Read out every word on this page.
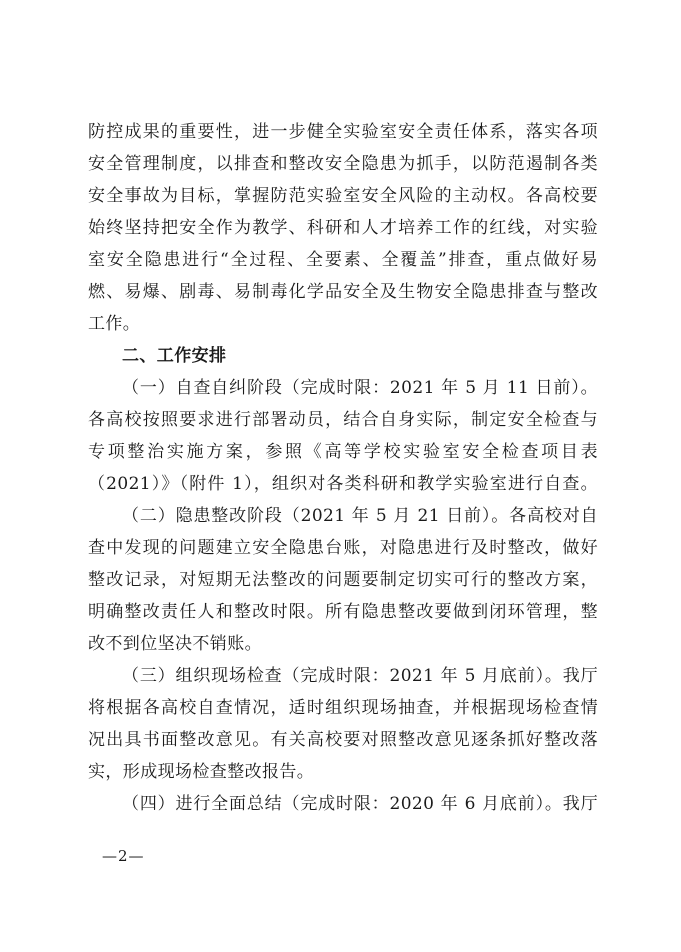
防控成果的重要性，进一步健全实验室安全责任体系，落实各项

安全管理制度，以排查和整改安全隐患为抓手，以防范遏制各类

安全事故为目标，掌握防范实验室安全风险的主动权。各高校要

始终坚持把安全作为教学、科研和人才培养工作的红线，对实验

室安全隐患进行“全过程、全要素、全覆盖”排查，重点做好易

燃、易爆、剧毒、易制毒化学品安全及生物安全隐患排查与整改

工作。

二、工作安排

（一）自查自纠阶段（完成时限：2021 年 5 月 11 日前）。

各高校按照要求进行部署动员，结合自身实际，制定安全检查与

专项整治实施方案，参照《高等学校实验室安全检查项目表

（2021）》（附件 1），组织对各类科研和教学实验室进行自查。

（二）隐患整改阶段（2021 年 5 月 21 日前）。各高校对自

查中发现的问题建立安全隐患台账，对隐患进行及时整改，做好

整改记录，对短期无法整改的问题要制定切实可行的整改方案，

明确整改责任人和整改时限。所有隐患整改要做到闭环管理，整

改不到位坚决不销账。

（三）组织现场检查（完成时限：2021 年 5 月底前）。我厅

将根据各高校自查情况，适时组织现场抽查，并根据现场检查情

况出具书面整改意见。有关高校要对照整改意见逐条抓好整改落

实，形成现场检查整改报告。

（四）进行全面总结（完成时限：2020 年 6 月底前）。我厅

—2—
